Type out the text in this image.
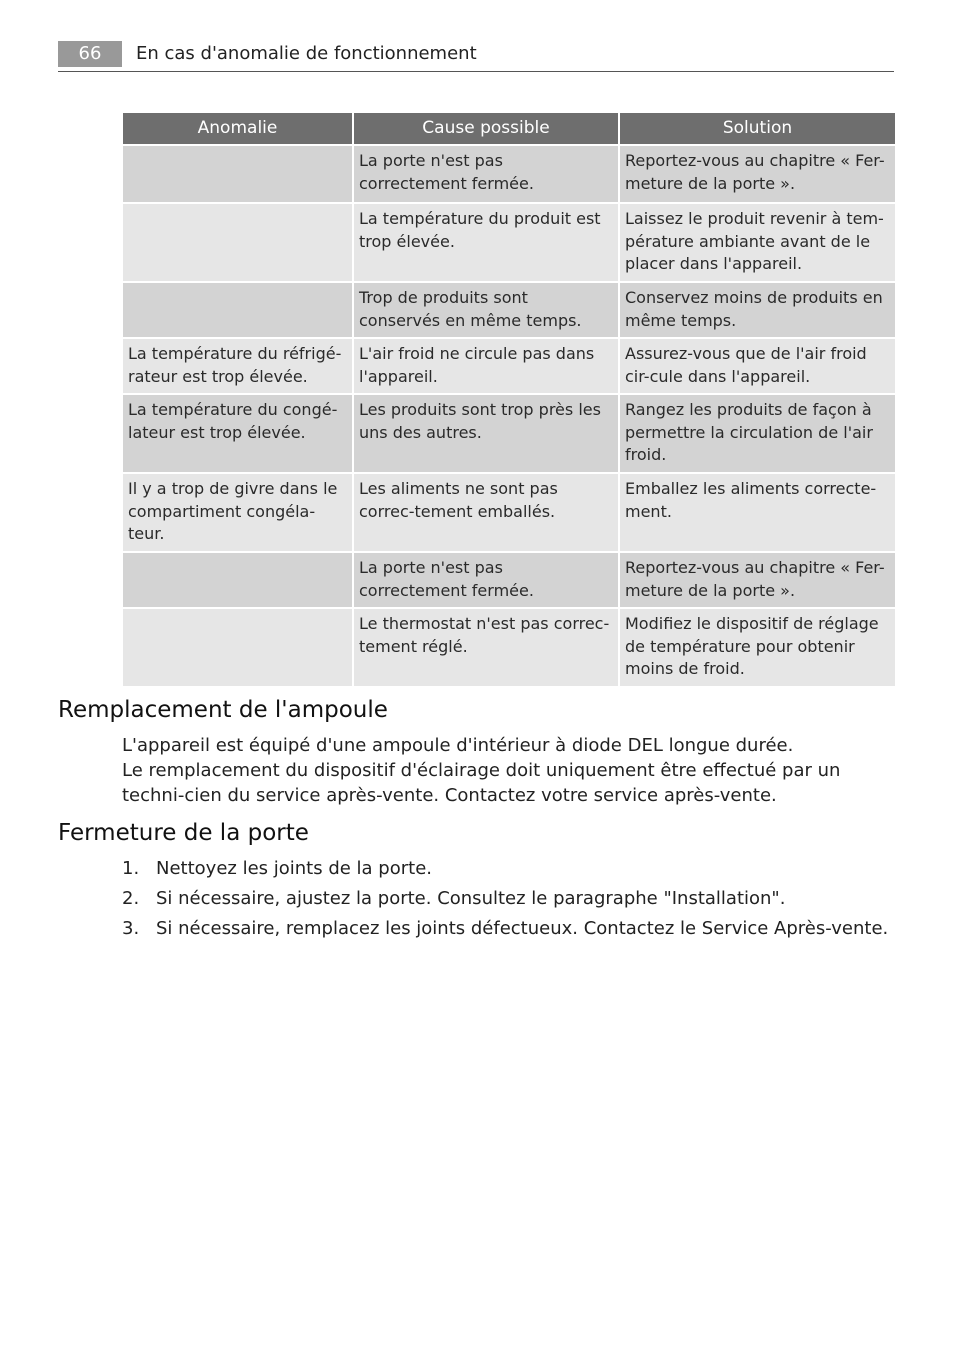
66	En cas d'anomalie de fonctionnement
Anomalie	Cause possible	Solution
	La porte n'est pas correctement fermée.	Reportez-vous au chapitre « Fer-meture de la porte ».
	La température du produit est trop élevée.	Laissez le produit revenir à tem-pérature ambiante avant de le placer dans l'appareil.
	Trop de produits sont conservés en même temps.	Conservez moins de produits en même temps.
La température du réfrigé-rateur est trop élevée.	L'air froid ne circule pas dans l'appareil.	Assurez-vous que de l'air froid cir-cule dans l'appareil.
La température du congé-lateur est trop élevée.	Les produits sont trop près les uns des autres.	Rangez les produits de façon à permettre la circulation de l'air froid.
Il y a trop de givre dans le compartiment congéla-teur.	Les aliments ne sont pas correc-tement emballés.	Emballez les aliments correcte-ment.
	La porte n'est pas correctement fermée.	Reportez-vous au chapitre « Fer-meture de la porte ».
	Le thermostat n'est pas correc-tement réglé.	Modifiez le dispositif de réglage de température pour obtenir moins de froid.
Remplacement de l'ampoule
L'appareil est équipé d'une ampoule d'intérieur à diode DEL longue durée.
Le remplacement du dispositif d'éclairage doit uniquement être effectué par un techni-cien du service après-vente. Contactez votre service après-vente.
Fermeture de la porte
1. Nettoyez les joints de la porte.
2. Si nécessaire, ajustez la porte. Consultez le paragraphe "Installation".
3. Si nécessaire, remplacez les joints défectueux. Contactez le Service Après-vente.
